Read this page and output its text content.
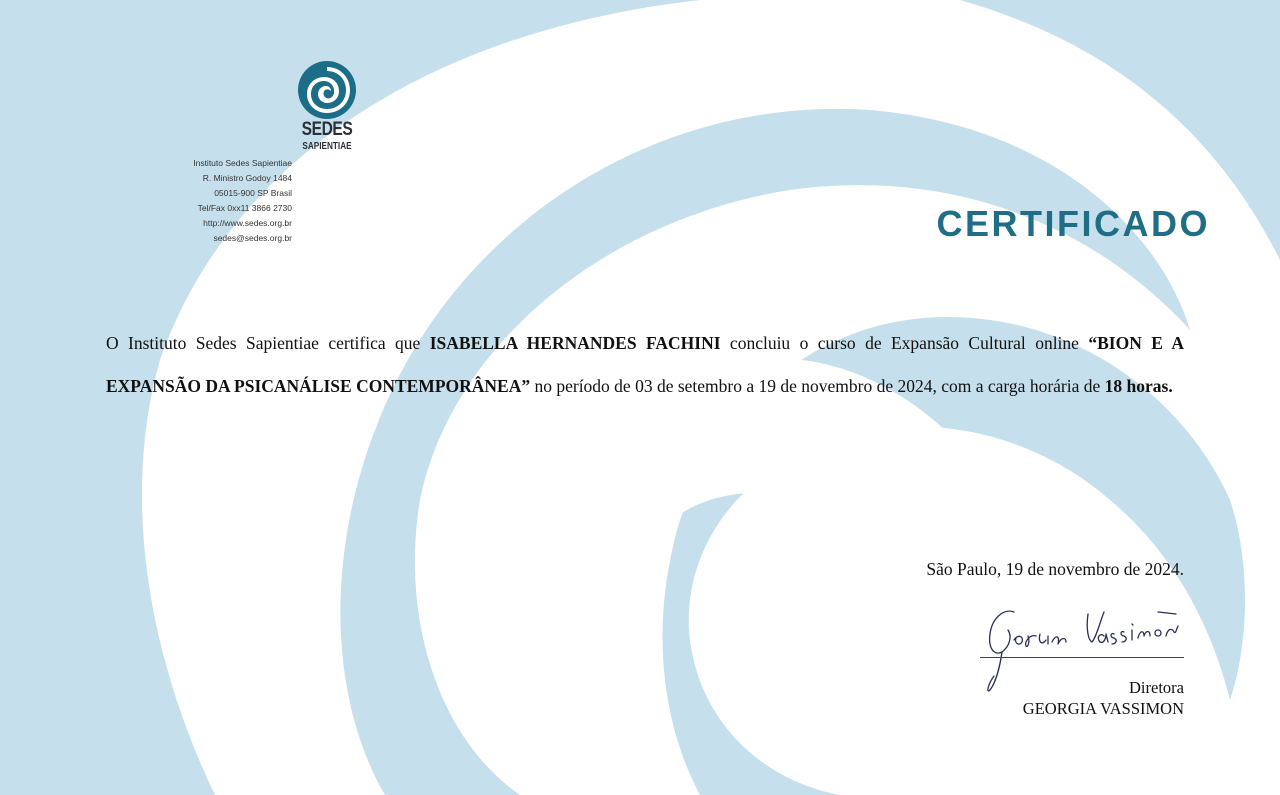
SEDES
SAPIENTIAE
Instituto Sedes Sapientiae
R. Ministro Godoy 1484
05015-900 SP Brasil
Tel/Fax 0xx11 3866 2730
http://www.sedes.org.br
sedes@sedes.org.br	CERTIFICADO
O Instituto Sedes Sapientiae certifica que ISABELLA HERNANDES FACHINI concluiu o curso de Expansão Cultural online “BION E A EXPANSÃO DA PSICANÁLISE CONTEMPORÂNEA” no período de 03 de setembro a 19 de novembro de 2024, com a carga horária de 18 horas.
São Paulo, 19 de novembro de 2024.
Diretora
GEORGIA VASSIMON
